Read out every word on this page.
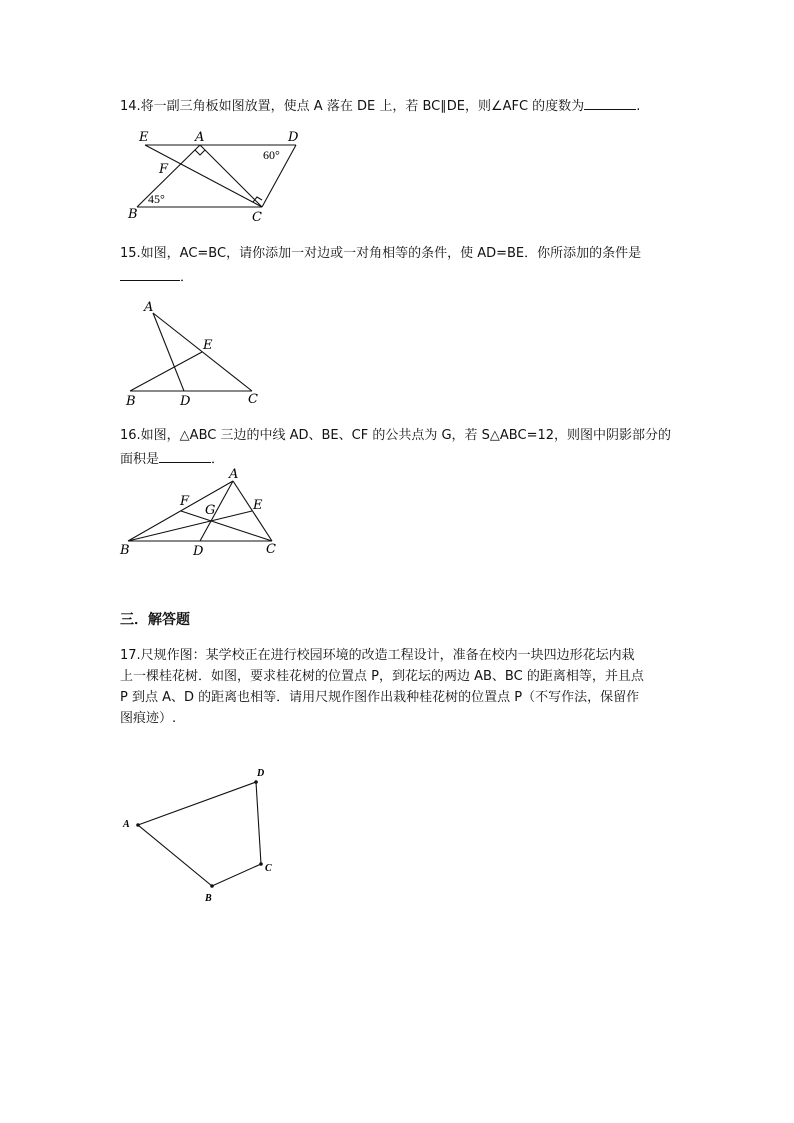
14.将一副三角板如图放置，使点 A 落在 DE 上，若 BC∥DE，则∠AFC 的度数为	.
E	A	D
F
B	C
60°
45°
15.如图，AC=BC，请你添加一对边或一对角相等的条件，使 AD=BE．你所添加的条件是
．
A
E
B	D	C
16.如图，△ABC 三边的中线 AD、BE、CF 的公共点为 G，若 S△ABC=12，则图中阴影部分的
面积是	．
A
F
G	E
B	D	C
三．解答题
17.尺规作图：某学校正在进行校园环境的改造工程设计，准备在校内一块四边形花坛内栽
上一棵桂花树．如图，要求桂花树的位置点 P，到花坛的两边 AB、BC 的距离相等，并且点
P 到点 A、D 的距离也相等．请用尺规作图作出栽种桂花树的位置点 P（不写作法，保留作
图痕迹）.
A
B
C
D
